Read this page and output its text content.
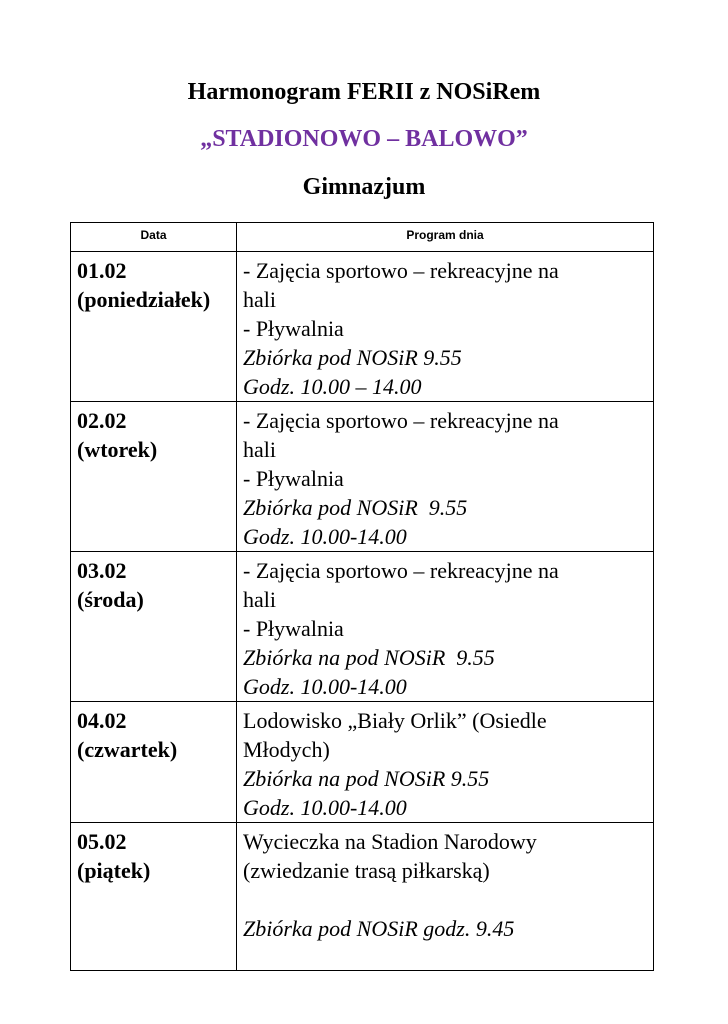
Harmonogram FERII z NOSiRem
„STADIONOWO – BALOWO”
Gimnazjum
Data	Program dnia

01.02
(poniedziałek)	- Zajęcia sportowo – rekreacyjne na
hali
- Pływalnia
Zbiórka pod NOSiR 9.55
Godz. 10.00 – 14.00

02.02
(wtorek)	- Zajęcia sportowo – rekreacyjne na
hali
- Pływalnia
Zbiórka pod NOSiR  9.55
Godz. 10.00-14.00

03.02
(środa)	- Zajęcia sportowo – rekreacyjne na
hali
- Pływalnia
Zbiórka na pod NOSiR  9.55
Godz. 10.00-14.00

04.02
(czwartek)	Lodowisko „Biały Orlik” (Osiedle
Młodych)
Zbiórka na pod NOSiR 9.55
Godz. 10.00-14.00

05.02
(piątek)	Wycieczka na Stadion Narodowy
(zwiedzanie trasą piłkarską)
Zbiórka pod NOSiR godz. 9.45
